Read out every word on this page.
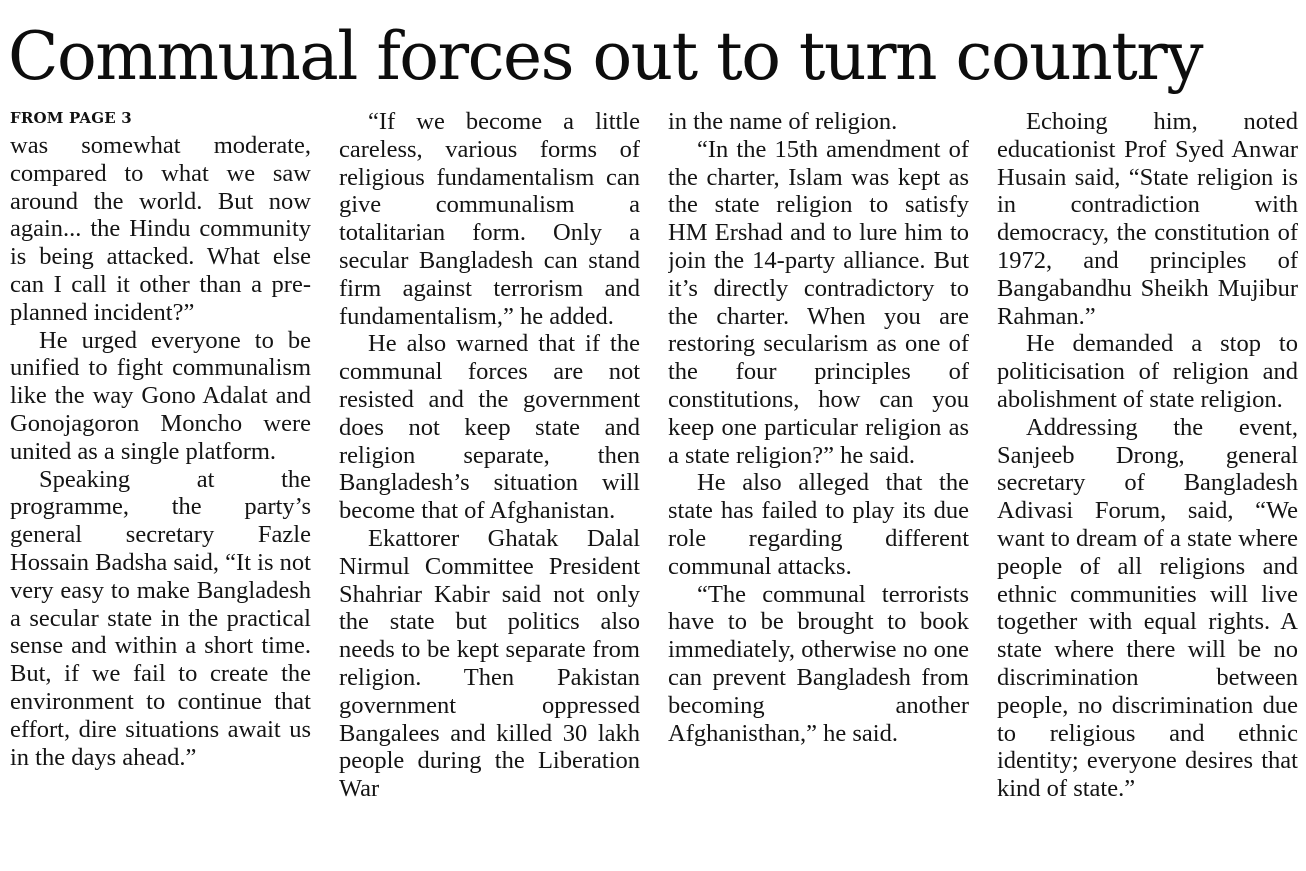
Communal forces out to turn country
FROM PAGE 3

was somewhat moderate, compared to what we saw around the world. But now again... the Hindu community is being attacked. What else can I call it other than a pre-planned incident?”

He urged everyone to be unified to fight communalism like the way Gono Adalat and Gonojagoron Moncho were united as a single platform.

Speaking at the programme, the party’s general secretary Fazle Hossain Badsha said, “It is not very easy to make Bangladesh a secular state in the practical sense and within a short time. But, if we fail to create the environment to continue that effort, dire situations await us in the days ahead.”

“If we become a little careless, various forms of religious fundamentalism can give communalism a totalitarian form. Only a secular Bangladesh can stand firm against terrorism and fundamentalism,” he added.

He also warned that if the communal forces are not resisted and the government does not keep state and religion separate, then Bangladesh’s situation will become that of Afghanistan.

Ekattorer Ghatak Dalal Nirmul Committee President Shahriar Kabir said not only the state but politics also needs to be kept separate from religion. Then Pakistan government oppressed Bangalees and killed 30 lakh people during the Liberation War

in the name of religion.

“In the 15th amendment of the charter, Islam was kept as the state religion to satisfy HM Ershad and to lure him to join the 14-party alliance. But it’s directly contradictory to the charter. When you are restoring secularism as one of the four principles of constitutions, how can you keep one particular religion as a state religion?” he said.

He also alleged that the state has failed to play its due role regarding different communal attacks.

“The communal terrorists have to be brought to book immediately, otherwise no one can prevent Bangladesh from becoming another Afghanisthan,” he said.

Echoing him, noted educationist Prof Syed Anwar Husain said, “State religion is in contradiction with democracy, the constitution of 1972, and principles of Bangabandhu Sheikh Mujibur Rahman.”

He demanded a stop to politicisation of religion and abolishment of state religion.

Addressing the event, Sanjeeb Drong, general secretary of Bangladesh Adivasi Forum, said, “We want to dream of a state where people of all religions and ethnic communities will live together with equal rights. A state where there will be no discrimination between people, no discrimination due to religious and ethnic identity; everyone desires that kind of state.”
